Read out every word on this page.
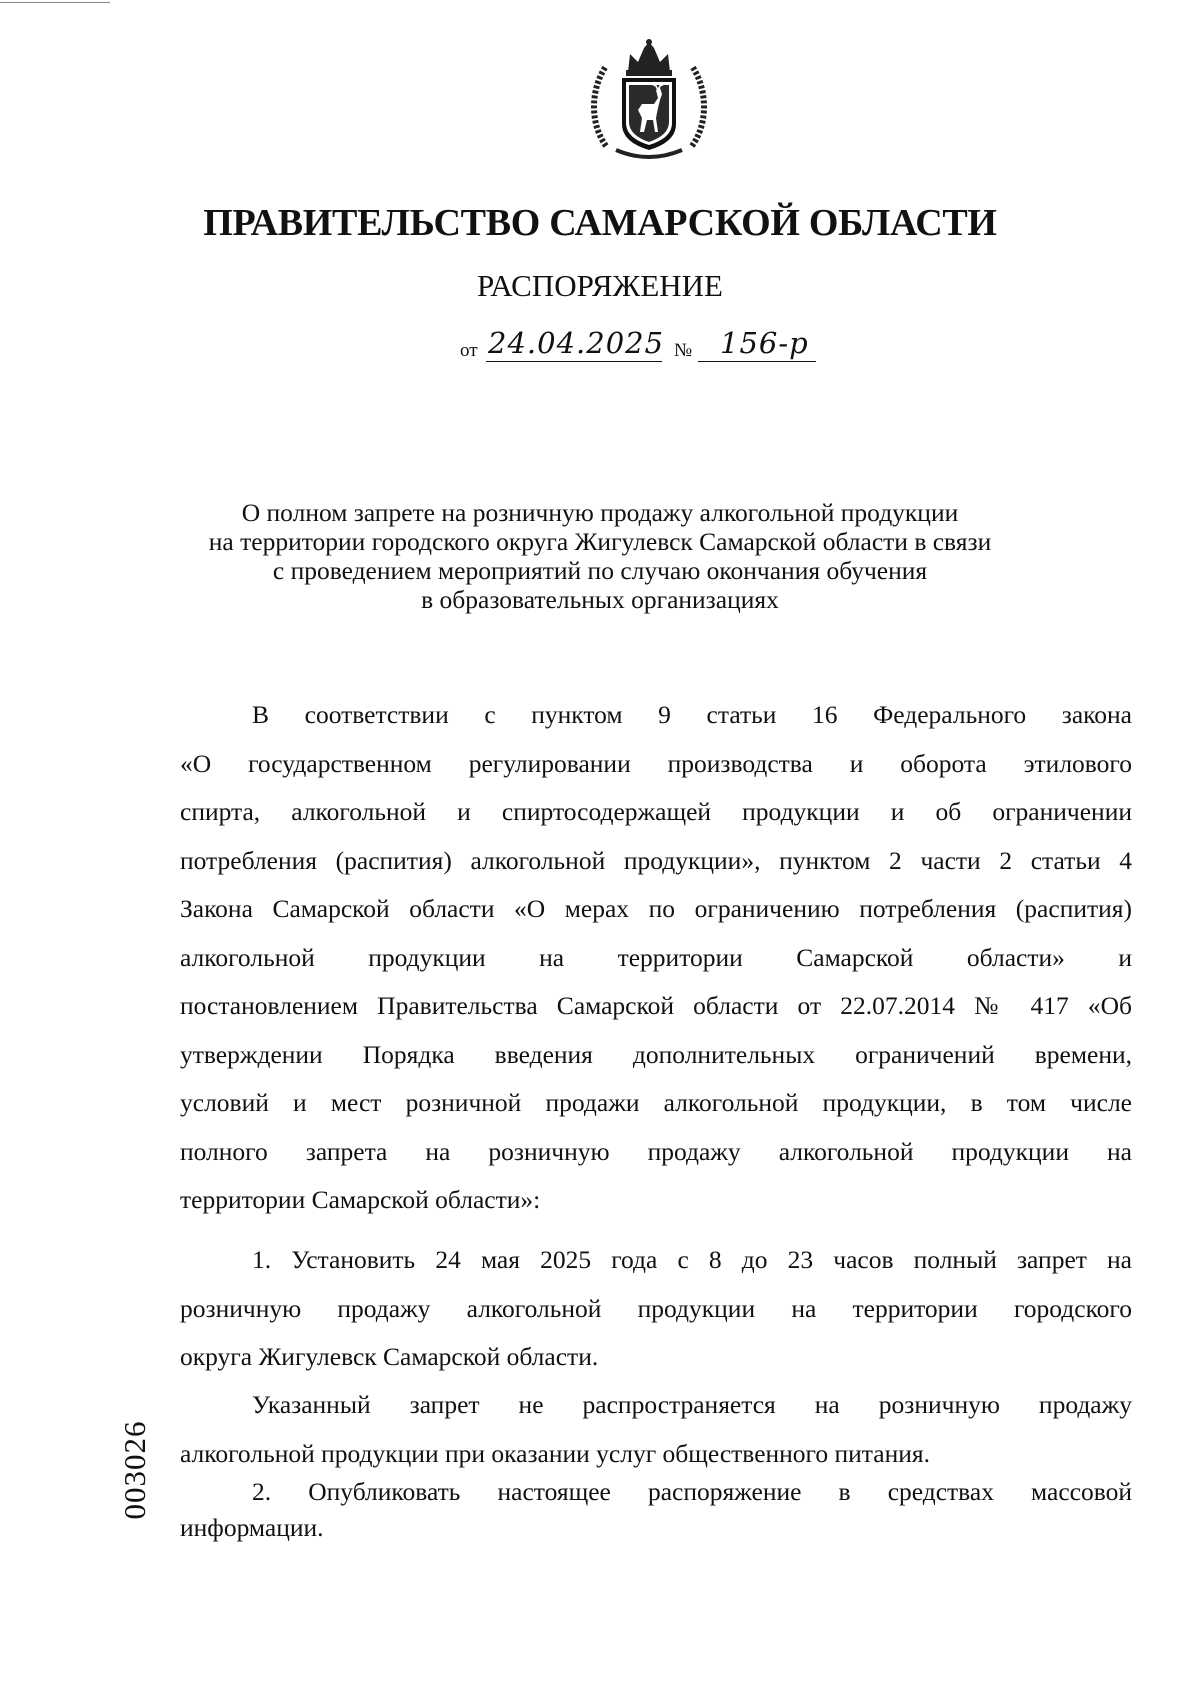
ПРАВИТЕЛЬСТВО САМАРСКОЙ ОБЛАСТИ
РАСПОРЯЖЕНИЕ
от 24.04.2025 № 156-р
О полном запрете на розничную продажу алкогольной продукции
на территории городского округа Жигулевск Самарской области в связи
с проведением мероприятий по случаю окончания обучения
в образовательных организациях
В соответствии с пунктом 9 статьи 16 Федерального закона
«О государственном регулировании производства и оборота этилового
спирта, алкогольной и спиртосодержащей продукции и об ограничении
потребления (распития) алкогольной продукции», пунктом 2 части 2 статьи 4
Закона Самарской области «О мерах по ограничению потребления (распития)
алкогольной продукции на территории Самарской области» и
постановлением Правительства Самарской области от 22.07.2014 № 417 «Об
утверждении Порядка введения дополнительных ограничений времени,
условий и мест розничной продажи алкогольной продукции, в том числе
полного запрета на розничную продажу алкогольной продукции на
территории Самарской области»:
1. Установить 24 мая 2025 года с 8 до 23 часов полный запрет на
розничную продажу алкогольной продукции на территории городского
округа Жигулевск Самарской области.
Указанный запрет не распространяется на розничную продажу
алкогольной продукции при оказании услуг общественного питания.
2. Опубликовать настоящее распоряжение в средствах массовой
информации.
003026
